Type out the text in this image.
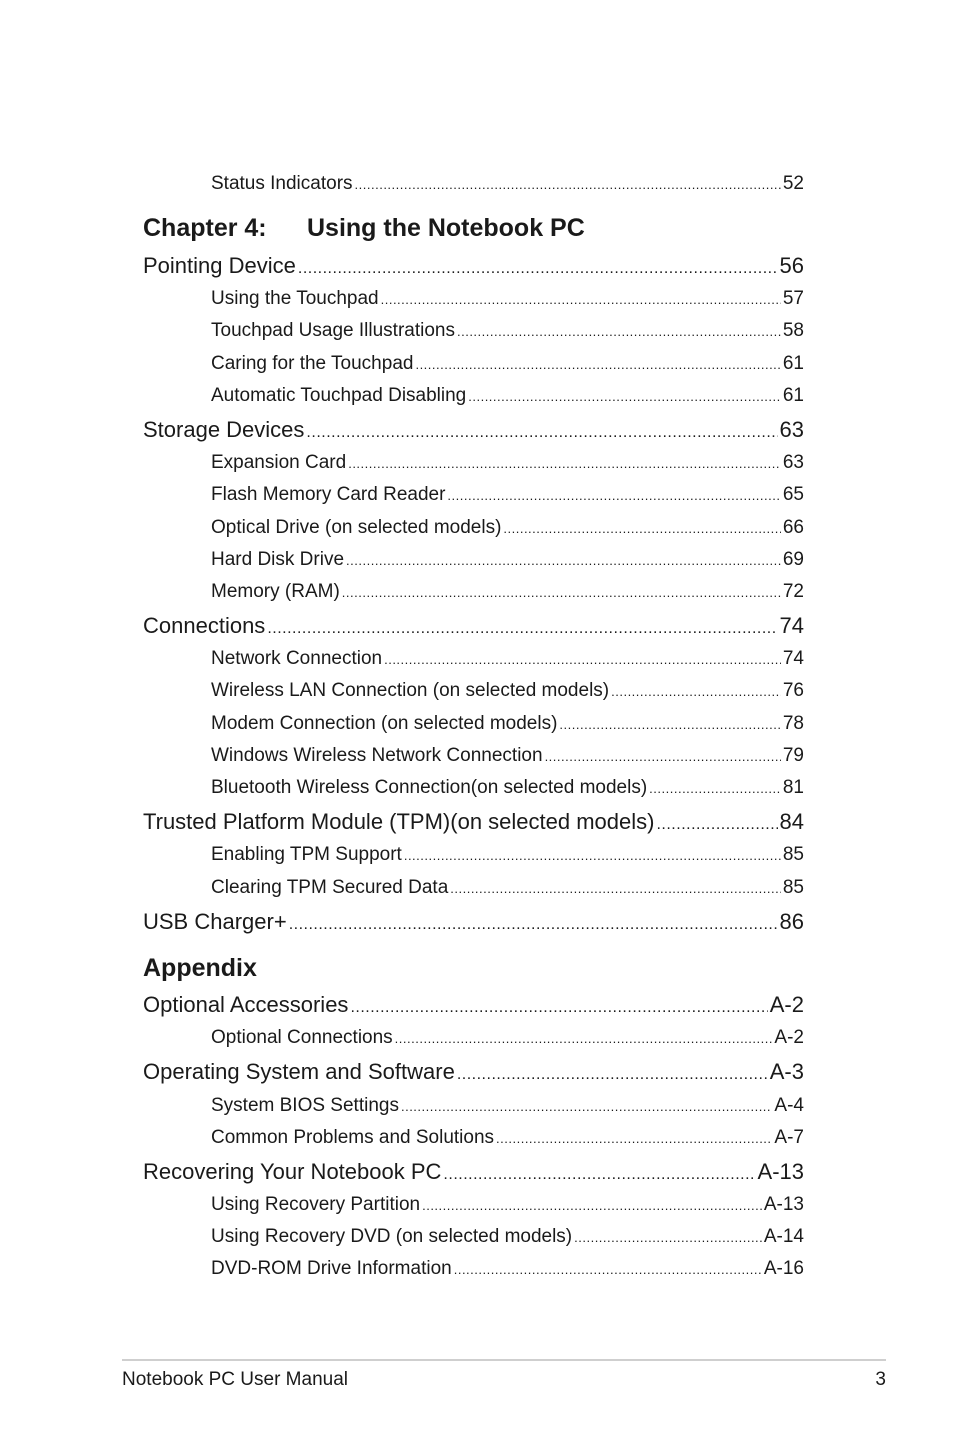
Status Indicators .....	52
Chapter 4: Using the Notebook PC
Pointing Device .....	56
Using the Touchpad .....	57
Touchpad Usage Illustrations .....	58
Caring for the Touchpad .....	61
Automatic Touchpad Disabling .....	61
Storage Devices .....	63
Expansion Card .....	63
Flash Memory Card Reader .....	65
Optical Drive (on selected models) .....	66
Hard Disk Drive .....	69
Memory (RAM) .....	72
Connections .....	74
Network Connection .....	74
Wireless LAN Connection (on selected models) .....	76
Modem Connection (on selected models) .....	78
Windows Wireless Network Connection .....	79
Bluetooth Wireless Connection(on selected models) .....	81
Trusted Platform Module (TPM)(on selected models) .....	84
Enabling TPM Support .....	85
Clearing TPM Secured Data .....	85
USB Charger+ .....	86
Appendix
Optional Accessories .....	A-2
Optional Connections .....	A-2
Operating System and Software .....	A-3
System BIOS Settings .....	A-4
Common Problems and Solutions .....	A-7
Recovering Your Notebook PC .....	A-13
Using Recovery Partition .....	A-13
Using Recovery DVD (on selected models) .....	A-14
DVD-ROM Drive Information .....	A-16
Notebook PC User Manual	3
